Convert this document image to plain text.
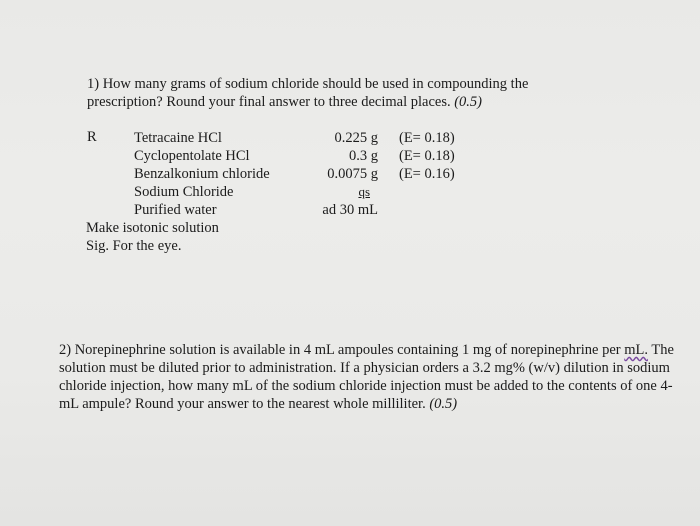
1) How many grams of sodium chloride should be used in compounding the prescription? Round your final answer to three decimal places. (0.5)
R	Tetracaine HCl	0.225 g (E= 0.18)
Cyclopentolate HCl	0.3 g (E= 0.18)
Benzalkonium chloride	0.0075 g (E= 0.16)
Sodium Chloride	qs
Purified water	ad 30 mL
Make isotonic solution
Sig. For the eye.
2) Norepinephrine solution is available in 4 mL ampoules containing 1 mg of norepinephrine per mL. The solution must be diluted prior to administration. If a physician orders a 3.2 mg% (w/v) dilution in sodium chloride injection, how many mL of the sodium chloride injection must be added to the contents of one 4-mL ampule? Round your answer to the nearest whole milliliter. (0.5)
